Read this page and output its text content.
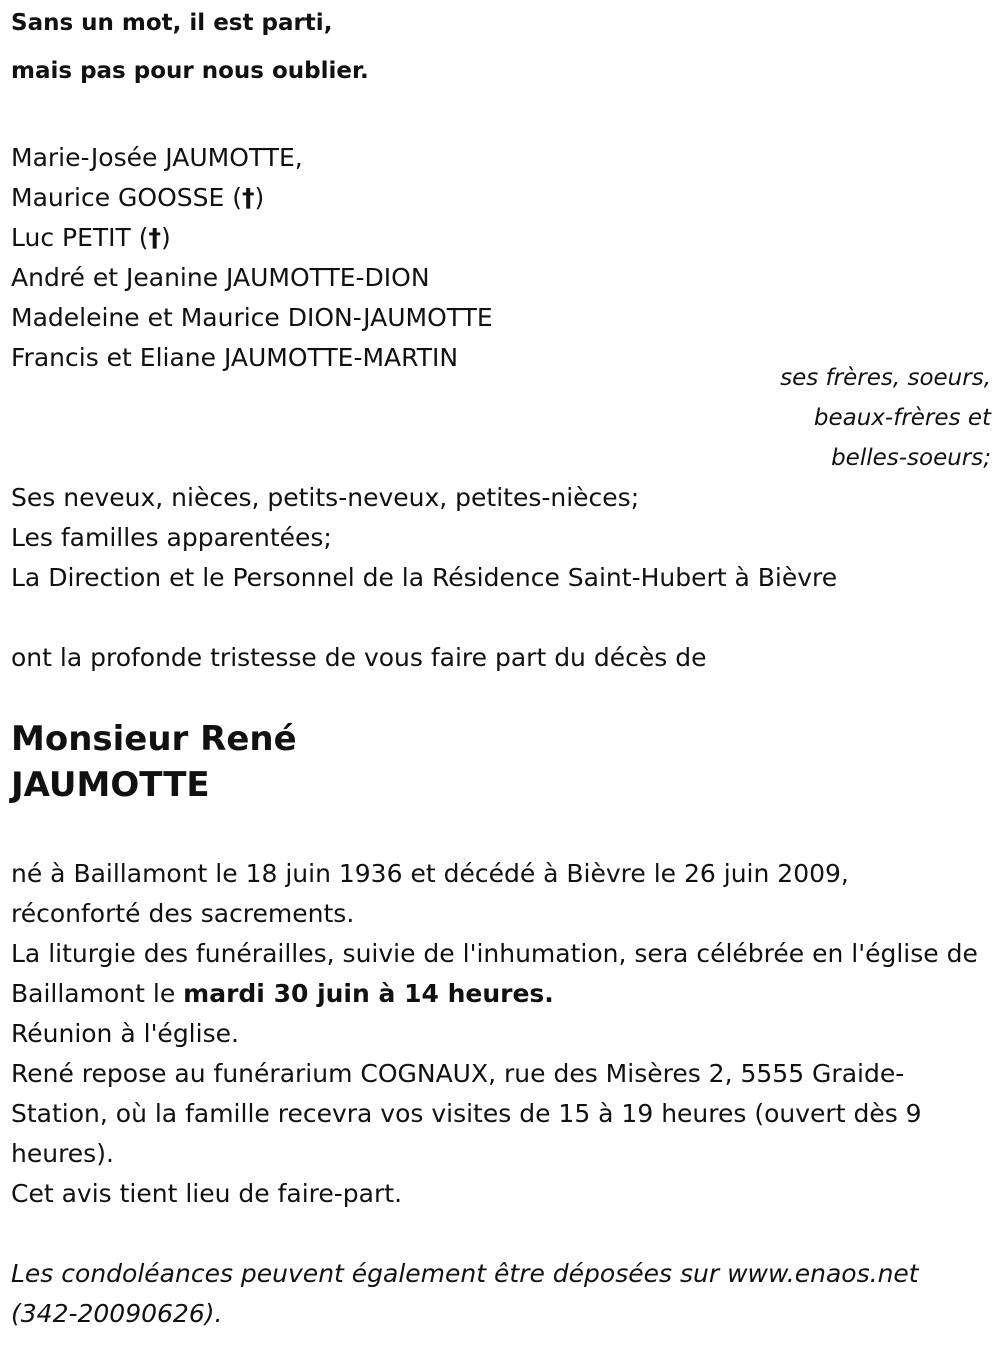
Sans un mot, il est parti,
mais pas pour nous oublier.
Marie-Josée JAUMOTTE,
Maurice GOOSSE (†)
Luc PETIT (†)
André et Jeanine JAUMOTTE-DION
Madeleine et Maurice DION-JAUMOTTE
Francis et Eliane JAUMOTTE-MARTIN
ses frères, soeurs,
beaux-frères et
belles-soeurs;
Ses neveux, nièces, petits-neveux, petites-nièces;
Les familles apparentées;
La Direction et le Personnel de la Résidence Saint-Hubert à Bièvre
ont la profonde tristesse de vous faire part du décès de
Monsieur René
JAUMOTTE

né à Baillamont le 18 juin 1936 et décédé à Bièvre le 26 juin 2009,

réconforté des sacrements.

La liturgie des funérailles, suivie de l'inhumation, sera célébrée en l'église de Baillamont le mardi 30 juin à 14 heures.

Réunion à l'église.

René repose au funérarium COGNAUX, rue des Misères 2, 5555 Graide-Station, où la famille recevra vos visites de 15 à 19 heures (ouvert dès 9 heures).

Cet avis tient lieu de faire-part.

Les condoléances peuvent également être déposées sur www.enaos.net (342-20090626).
